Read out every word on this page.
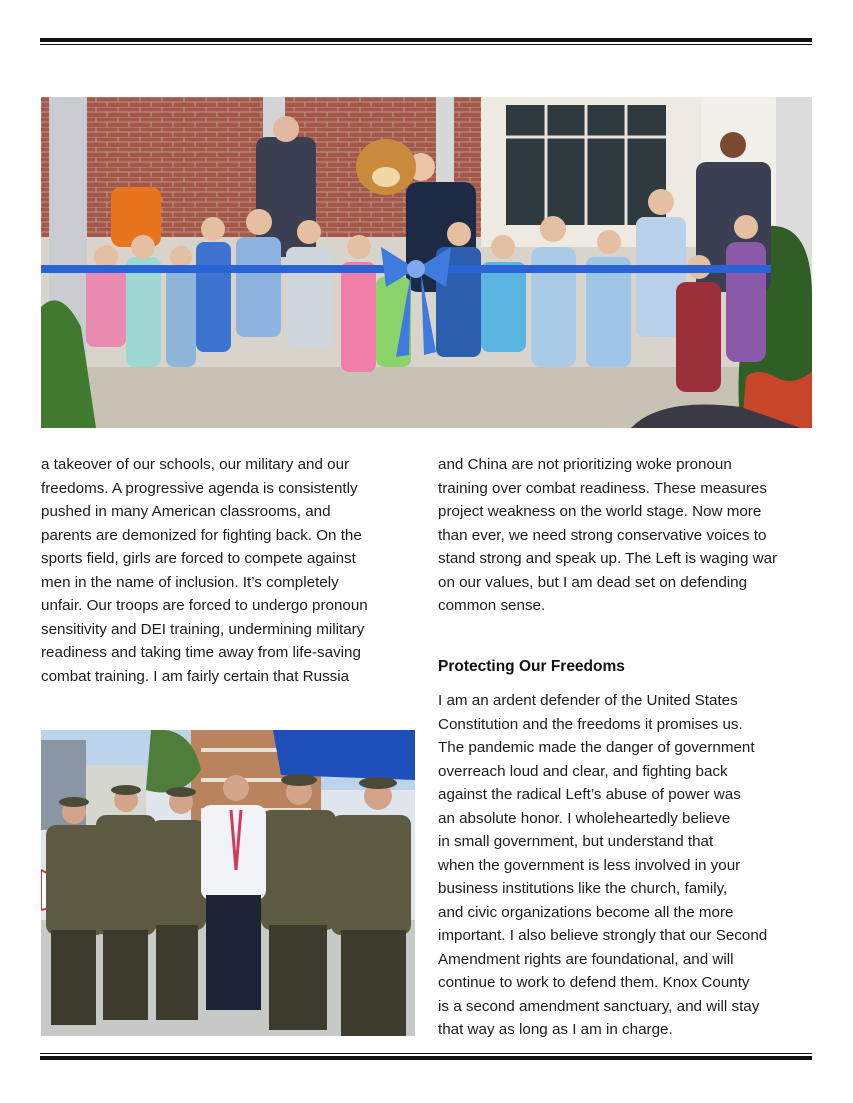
a takeover of our schools, our military and our
freedoms. A progressive agenda is consistently
pushed in many American classrooms, and
parents are demonized for fighting back. On the
sports field, girls are forced to compete against
men in the name of inclusion. It’s completely
unfair. Our troops are forced to undergo pronoun
sensitivity and DEI training, undermining military
readiness and taking time away from life-saving
combat training. I am fairly certain that Russia

and China are not prioritizing woke pronoun
training over combat readiness. These measures
project weakness on the world stage. Now more
than ever, we need strong conservative voices to
stand strong and speak up. The Left is waging war
on our values, but I am dead set on defending
common sense.

Protecting Our Freedoms

I am an ardent defender of the United States
Constitution and the freedoms it promises us.
The pandemic made the danger of government
overreach loud and clear, and fighting back
against the radical Left’s abuse of power was
an absolute honor. I wholeheartedly believe
in small government, but understand that
when the government is less involved in your
business institutions like the church, family,
and civic organizations become all the more
important. I also believe strongly that our Second
Amendment rights are foundational, and will
continue to work to defend them. Knox County
is a second amendment sanctuary, and will stay
that way as long as I am in charge.
